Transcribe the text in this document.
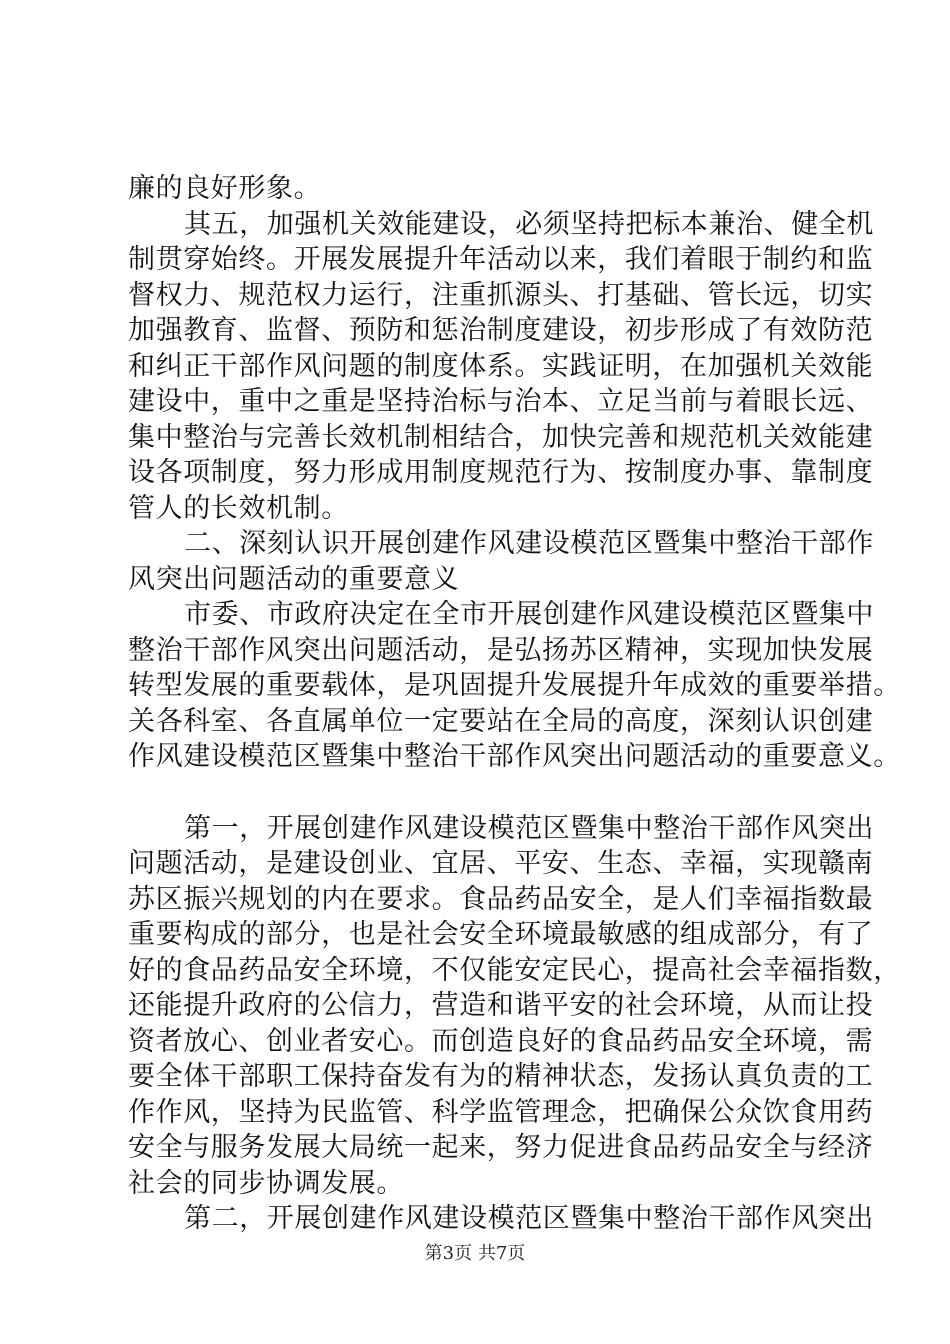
廉的良好形象。
其五，加强机关效能建设，必须坚持把标本兼治、健全机
制贯穿始终。开展发展提升年活动以来，我们着眼于制约和监
督权力、规范权力运行，注重抓源头、打基础、管长远，切实
加强教育、监督、预防和惩治制度建设，初步形成了有效防范
和纠正干部作风问题的制度体系。实践证明，在加强机关效能
建设中，重中之重是坚持治标与治本、立足当前与着眼长远、
集中整治与完善长效机制相结合，加快完善和规范机关效能建
设各项制度，努力形成用制度规范行为、按制度办事、靠制度
管人的长效机制。
二、深刻认识开展创建作风建设模范区暨集中整治干部作
风突出问题活动的重要意义
市委、市政府决定在全市开展创建作风建设模范区暨集中
整治干部作风突出问题活动，是弘扬苏区精神，实现加快发展
转型发展的重要载体，是巩固提升发展提升年成效的重要举措。
关各科室、各直属单位一定要站在全局的高度，深刻认识创建
作风建设模范区暨集中整治干部作风突出问题活动的重要意义。
第一，开展创建作风建设模范区暨集中整治干部作风突出
问题活动，是建设创业、宜居、平安、生态、幸福，实现赣南
苏区振兴规划的内在要求。食品药品安全，是人们幸福指数最
重要构成的部分，也是社会安全环境最敏感的组成部分，有了
好的食品药品安全环境，不仅能安定民心，提高社会幸福指数，
还能提升政府的公信力，营造和谐平安的社会环境，从而让投
资者放心、创业者安心。而创造良好的食品药品安全环境，需
要全体干部职工保持奋发有为的精神状态，发扬认真负责的工
作作风，坚持为民监管、科学监管理念，把确保公众饮食用药
安全与服务发展大局统一起来，努力促进食品药品安全与经济
社会的同步协调发展。
第二，开展创建作风建设模范区暨集中整治干部作风突出
第3页 共7页
